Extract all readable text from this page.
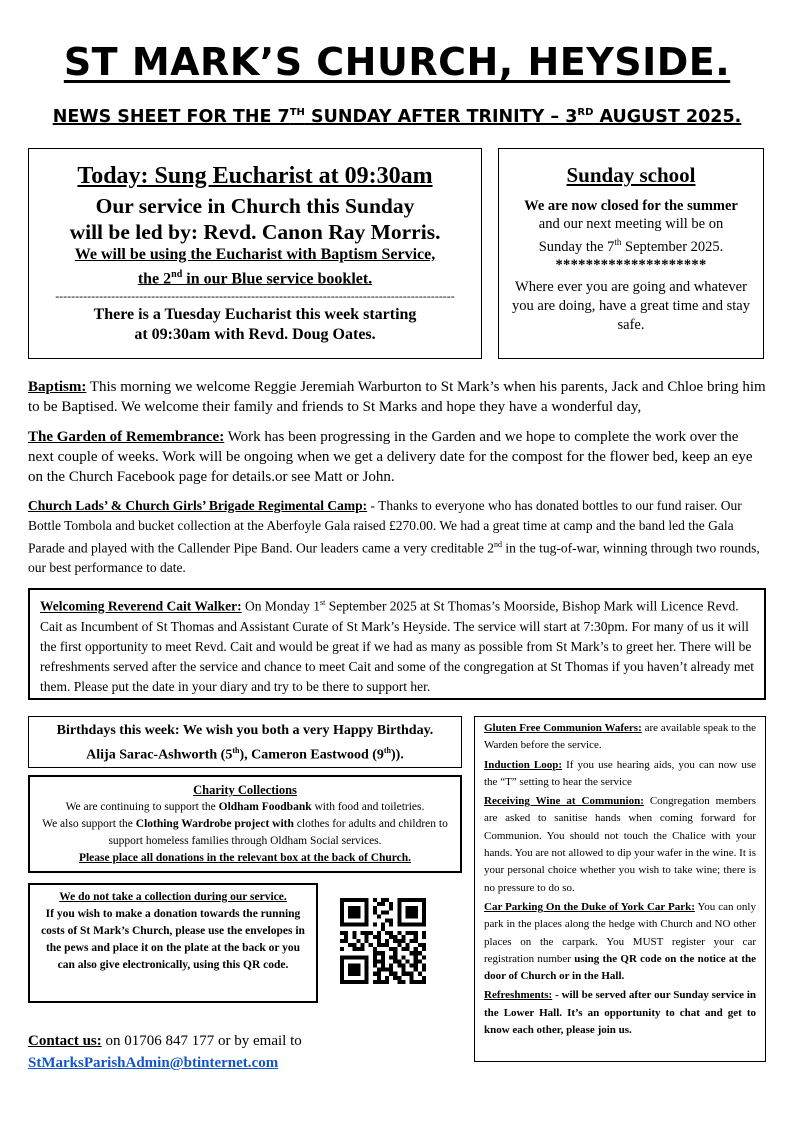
ST MARK’S CHURCH, HEYSIDE.
NEWS SHEET FOR THE 7TH SUNDAY AFTER TRINITY – 3RD AUGUST 2025.

Today: Sung Eucharist at 09:30am

Our service in Church this Sunday

will be led by: Revd. Canon Ray Morris.

We will be using the Eucharist with Baptism Service,

the 2nd in our Blue service booklet.

----------------------------------------------------------------------------------------------------

There is a Tuesday Eucharist this week starting

at 09:30am with Revd. Doug Oates.

Sunday school

We are now closed for the summer

and our next meeting will be on

Sunday the 7th September 2025.

********************

Where ever you are going and whatever you are doing, have a great time and stay safe.

Baptism: This morning we welcome Reggie Jeremiah Warburton to St Mark’s when his parents, Jack and Chloe bring him to be Baptised. We welcome their family and friends to St Marks and hope they have a wonderful day,
The Garden of Remembrance: Work has been progressing in the Garden and we hope to complete the work over the next couple of weeks. Work will be ongoing when we get a delivery date for the compost for the flower bed, keep an eye on the Church Facebook page for details.or see Matt or John.
Church Lads’ & Church Girls’ Brigade Regimental Camp: - Thanks to everyone who has donated bottles to our fund raiser. Our Bottle Tombola and bucket collection at the Aberfoyle Gala raised £270.00. We had a great time at camp and the band led the Gala Parade and played with the Callender Pipe Band. Our leaders came a very creditable 2nd in the tug-of-war, winning through two rounds, our best performance to date.
Welcoming Reverend Cait Walker: On Monday 1st September 2025 at St Thomas’s Moorside, Bishop Mark will Licence Revd. Cait as Incumbent of St Thomas and Assistant Curate of St Mark’s Heyside. The service will start at 7:30pm. For many of us it will the first opportunity to meet Revd. Cait and would be great if we had as many as possible from St Mark’s to greet her. There will be refreshments served after the service and chance to meet Cait and some of the congregation at St Thomas if you haven’t already met them. Please put the date in your diary and try to be there to support her.

Birthdays this week: We wish you both a very Happy Birthday.

Alija Sarac-Ashworth (5th), Cameron Eastwood (9th)).

Charity Collections

We are continuing to support the Oldham Foodbank with food and toiletries.

We also support the Clothing Wardrobe project with clothes for adults and children to support homeless families through Oldham Social services.

Please place all donations in the relevant box at the back of Church.

We do not take a collection during our service.

If you wish to make a donation towards the running costs of St Mark’s Church, please use the envelopes in the pews and place it on the plate at the back or you can also give electronically, using this QR code.

Contact us: on 01706 847 177 or by email to
StMarksParishAdmin@btinternet.com

Gluten Free Communion Wafers: are available speak to the Warden before the service.

Induction Loop: If you use hearing aids, you can now use the “T” setting to hear the service

Receiving Wine at Communion: Congregation members are asked to sanitise hands when coming forward for Communion. You should not touch the Chalice with your hands. You are not allowed to dip your wafer in the wine. It is your personal choice whether you wish to take wine; there is no pressure to do so.

Car Parking On the Duke of York Car Park: You can only park in the places along the hedge with Church and NO other places on the carpark. You MUST register your car registration number using the QR code on the notice at the door of Church or in the Hall.

Refreshments: - will be served after our Sunday service in the Lower Hall. It’s an opportunity to chat and get to know each other, please join us.
